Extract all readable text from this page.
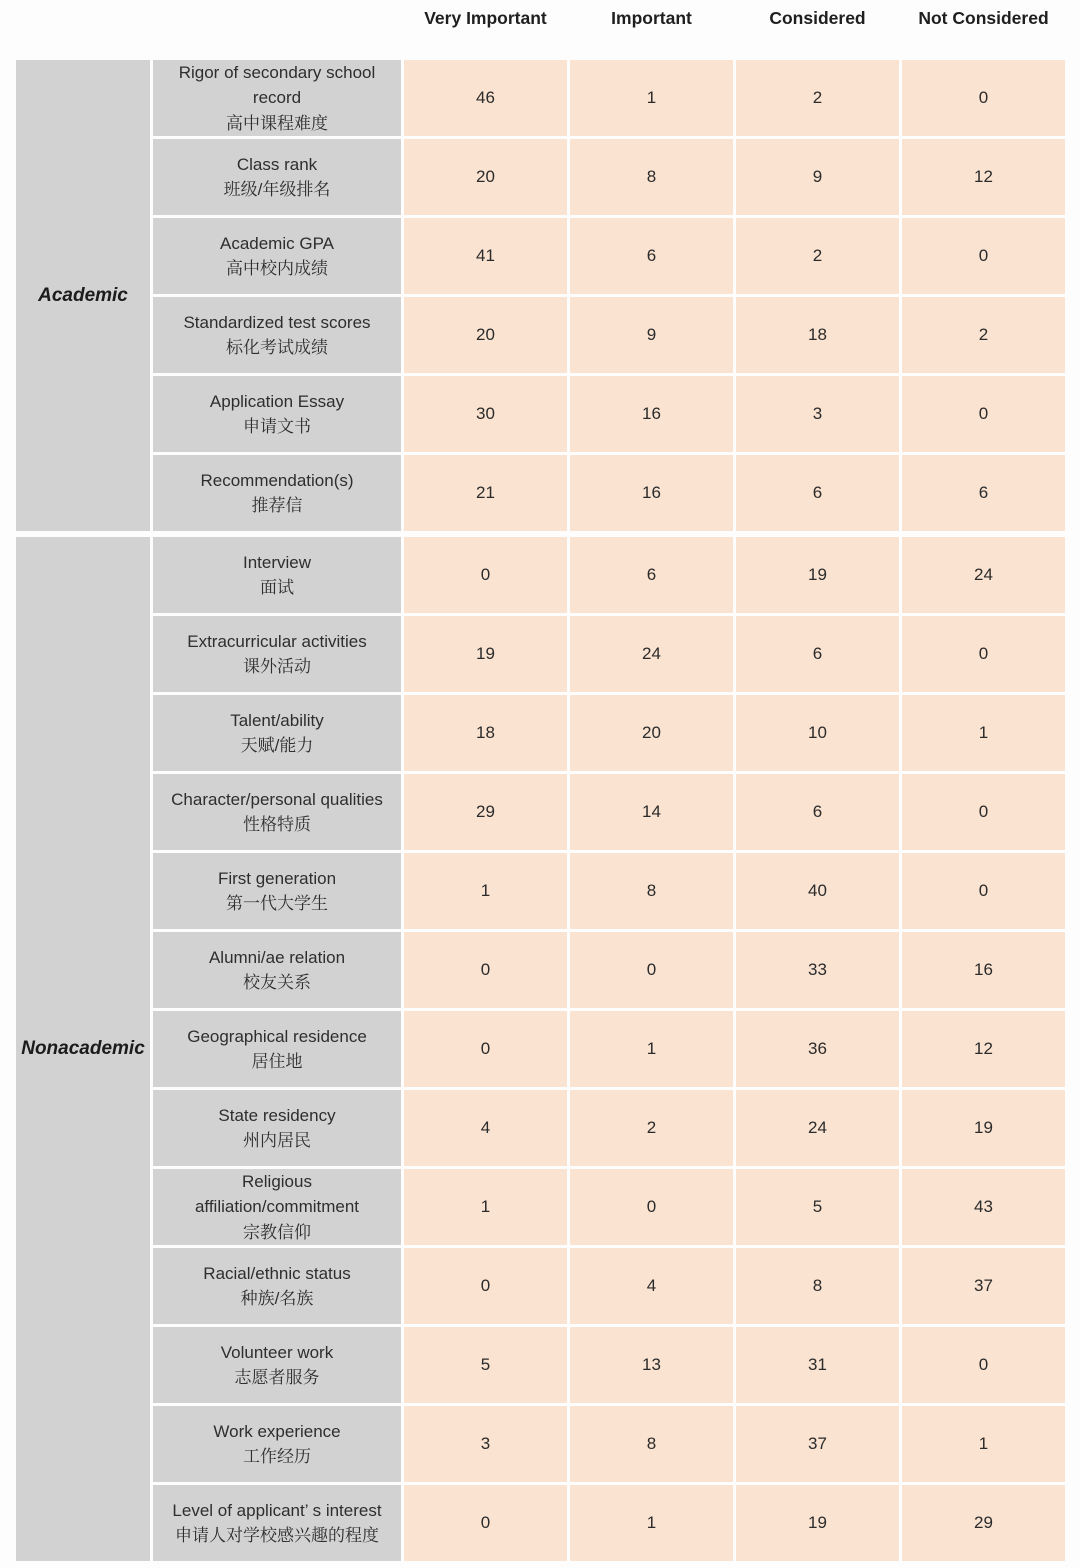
Very Important	Important	Considered	Not Considered
Academic
Rigor of secondary school record
高中课程难度
46	1	2	0
Class rank
班级/年级排名
20	8	9	12
Academic GPA
高中校内成绩
41	6	2	0
Standardized test scores
标化考试成绩
20	9	18	2
Application Essay
申请文书
30	16	3	0
Recommendation(s)
推荐信
21	16	6	6
Nonacademic
Interview
面试
0	6	19	24
Extracurricular activities
课外活动
19	24	6	0
Talent/ability
天赋/能力
18	20	10	1
Character/personal qualities
性格特质
29	14	6	0
First generation
第一代大学生
1	8	40	0
Alumni/ae relation
校友关系
0	0	33	16
Geographical residence
居住地
0	1	36	12
State residency
州内居民
4	2	24	19
Religious affiliation/commitment
宗教信仰
1	0	5	43
Racial/ethnic status
种族/名族
0	4	8	37
Volunteer work
志愿者服务
5	13	31	0
Work experience
工作经历
3	8	37	1
Level of applicant’ s interest
申请人对学校感兴趣的程度
0	1	19	29
